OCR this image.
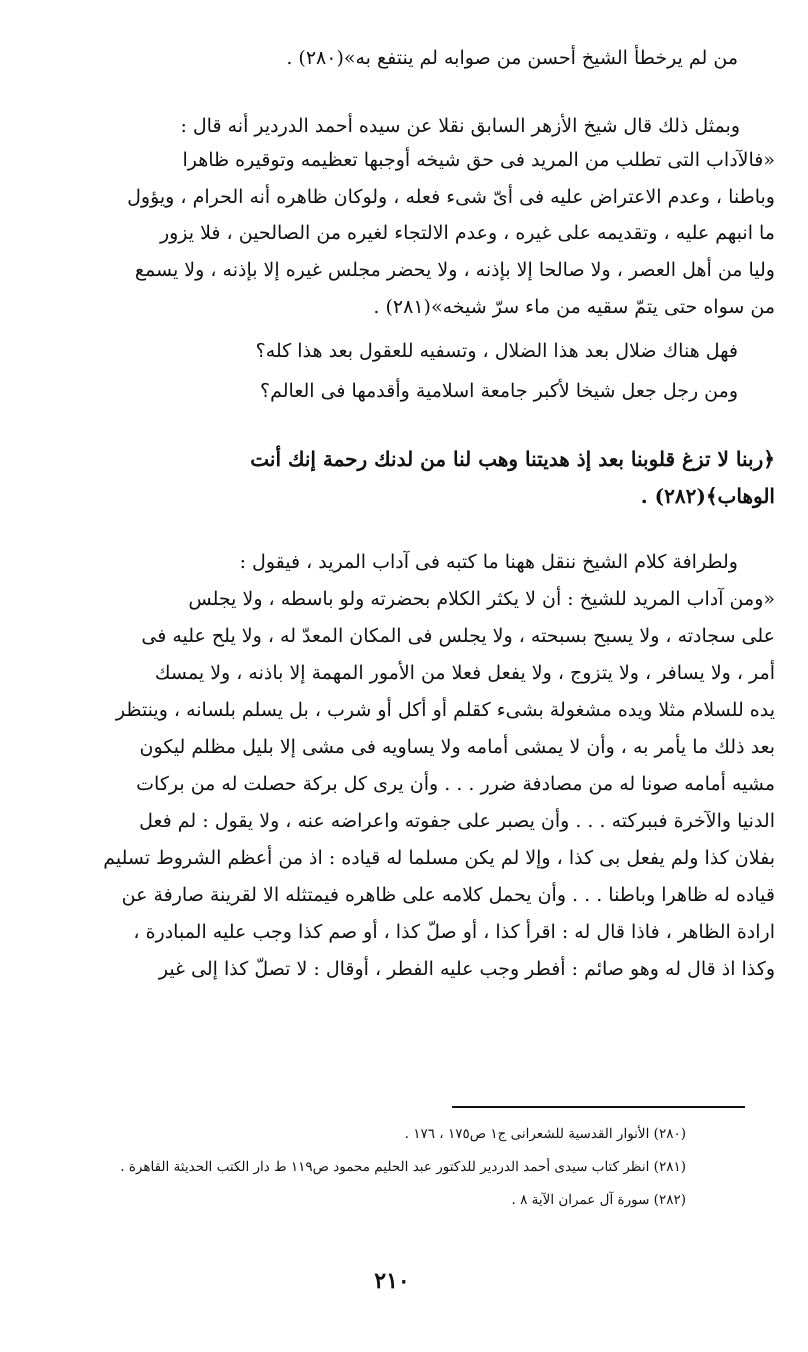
من لم يرخطأ الشيخ أحسن من صوابه لم ينتفع به»(٢٨٠) .
وبمثل ذلك قال شيخ الأزهر السابق نقلا عن سيده أحمد الدردير أنه قال :
«فالآداب التى تطلب من المريد فى حق شيخه أوجبها تعظيمه وتوقيره ظاهرا
وباطنا ، وعدم الاعتراض عليه فى أىّ شىء فعله ، ولوكان ظاهره أنه الحرام ، ويؤول
ما انبهم عليه ، وتقديمه على غيره ، وعدم الالتجاء لغيره من الصالحين ، فلا يزور
وليا من أهل العصر ، ولا صالحا إلا بإذنه ، ولا يحضر مجلس غيره إلا بإذنه ، ولا يسمع
من سواه حتى يتمّ سقيه من ماء سرّ شيخه»(٢٨١) .
فهل هناك ضلال بعد هذا الضلال ، وتسفيه للعقول بعد هذا كله؟
ومن رجل جعل شيخا لأكبر جامعة اسلامية وأقدمها فى العالم؟
﴿ربنا لا تزغ قلوبنا بعد إذ هديتنا وهب لنا من لدنك رحمة إنك أنت
الوهاب﴾(٢٨٢) .
ولطرافة كلام الشيخ ننقل ههنا ما كتبه فى آداب المريد ، فيقول :
«ومن آداب المريد للشيخ : أن لا يكثر الكلام بحضرته ولو باسطه ، ولا يجلس
على سجادته ، ولا يسبح بسبحته ، ولا يجلس فى المكان المعدّ له ، ولا يلح عليه فى
أمر ، ولا يسافر ، ولا يتزوج ، ولا يفعل فعلا من الأمور المهمة إلا باذنه ، ولا يمسك
يده للسلام مثلا ويده مشغولة بشىء كقلم أو أكل أو شرب ، بل يسلم بلسانه ، وينتظر
بعد ذلك ما يأمر به ، وأن لا يمشى أمامه ولا يساويه فى مشى إلا بليل مظلم ليكون
مشيه أمامه صونا له من مصادفة ضرر . . . وأن يرى كل بركة حصلت له من بركات
الدنيا والآخرة فببركته . . . وأن يصبر على جفوته واعراضه عنه ، ولا يقول : لم فعل
بفلان كذا ولم يفعل بى كذا ، وإلا لم يكن مسلما له قياده : اذ من أعظم الشروط تسليم
قياده له ظاهرا وباطنا . . . وأن يحمل كلامه على ظاهره فيمتثله الا لقرينة صارفة عن
ارادة الظاهر ، فاذا قال له : اقرأ كذا ، أو صلّ كذا ، أو صم كذا وجب عليه المبادرة ،
وكذا اذ قال له وهو صائم : أفطر وجب عليه الفطر ، أوقال : لا تصلّ كذا إلى غير
(٢٨٠) الأنوار القدسية للشعرانى ج١ ص١٧٥ ، ١٧٦ .
(٢٨١) انظر كتاب سيدى أحمد الدردير للدكتور عبد الحليم محمود ص١١٩ ط دار الكتب الحديثة القاهرة .
(٢٨٢) سورة آل عمران الآية ٨ .
٢١٠
